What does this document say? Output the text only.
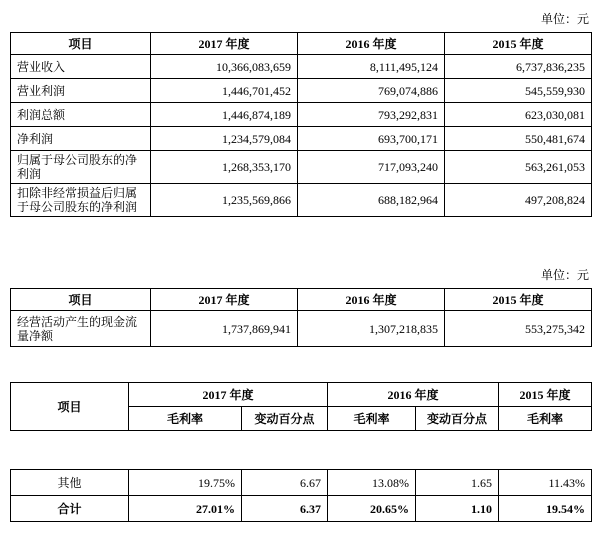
单位：元
项目	2017 年度	2016 年度	2015 年度
营业收入	10,366,083,659	8,111,495,124	6,737,836,235
营业利润	1,446,701,452	769,074,886	545,559,930
利润总额	1,446,874,189	793,292,831	623,030,081
净利润	1,234,579,084	693,700,171	550,481,674
归属于母公司股东的净利润	1,268,353,170	717,093,240	563,261,053
扣除非经常损益后归属于母公司股东的净利润	1,235,569,866	688,182,964	497,208,824
单位：元
项目	2017 年度	2016 年度	2015 年度
经营活动产生的现金流量净额	1,737,869,941	1,307,218,835	553,275,342
项目	2017 年度		2016 年度		2015 年度
	毛利率	变动百分点	毛利率	变动百分点	毛利率
其他	19.75%	6.67	13.08%	1.65	11.43%
合计	27.01%	6.37	20.65%	1.10	19.54%
